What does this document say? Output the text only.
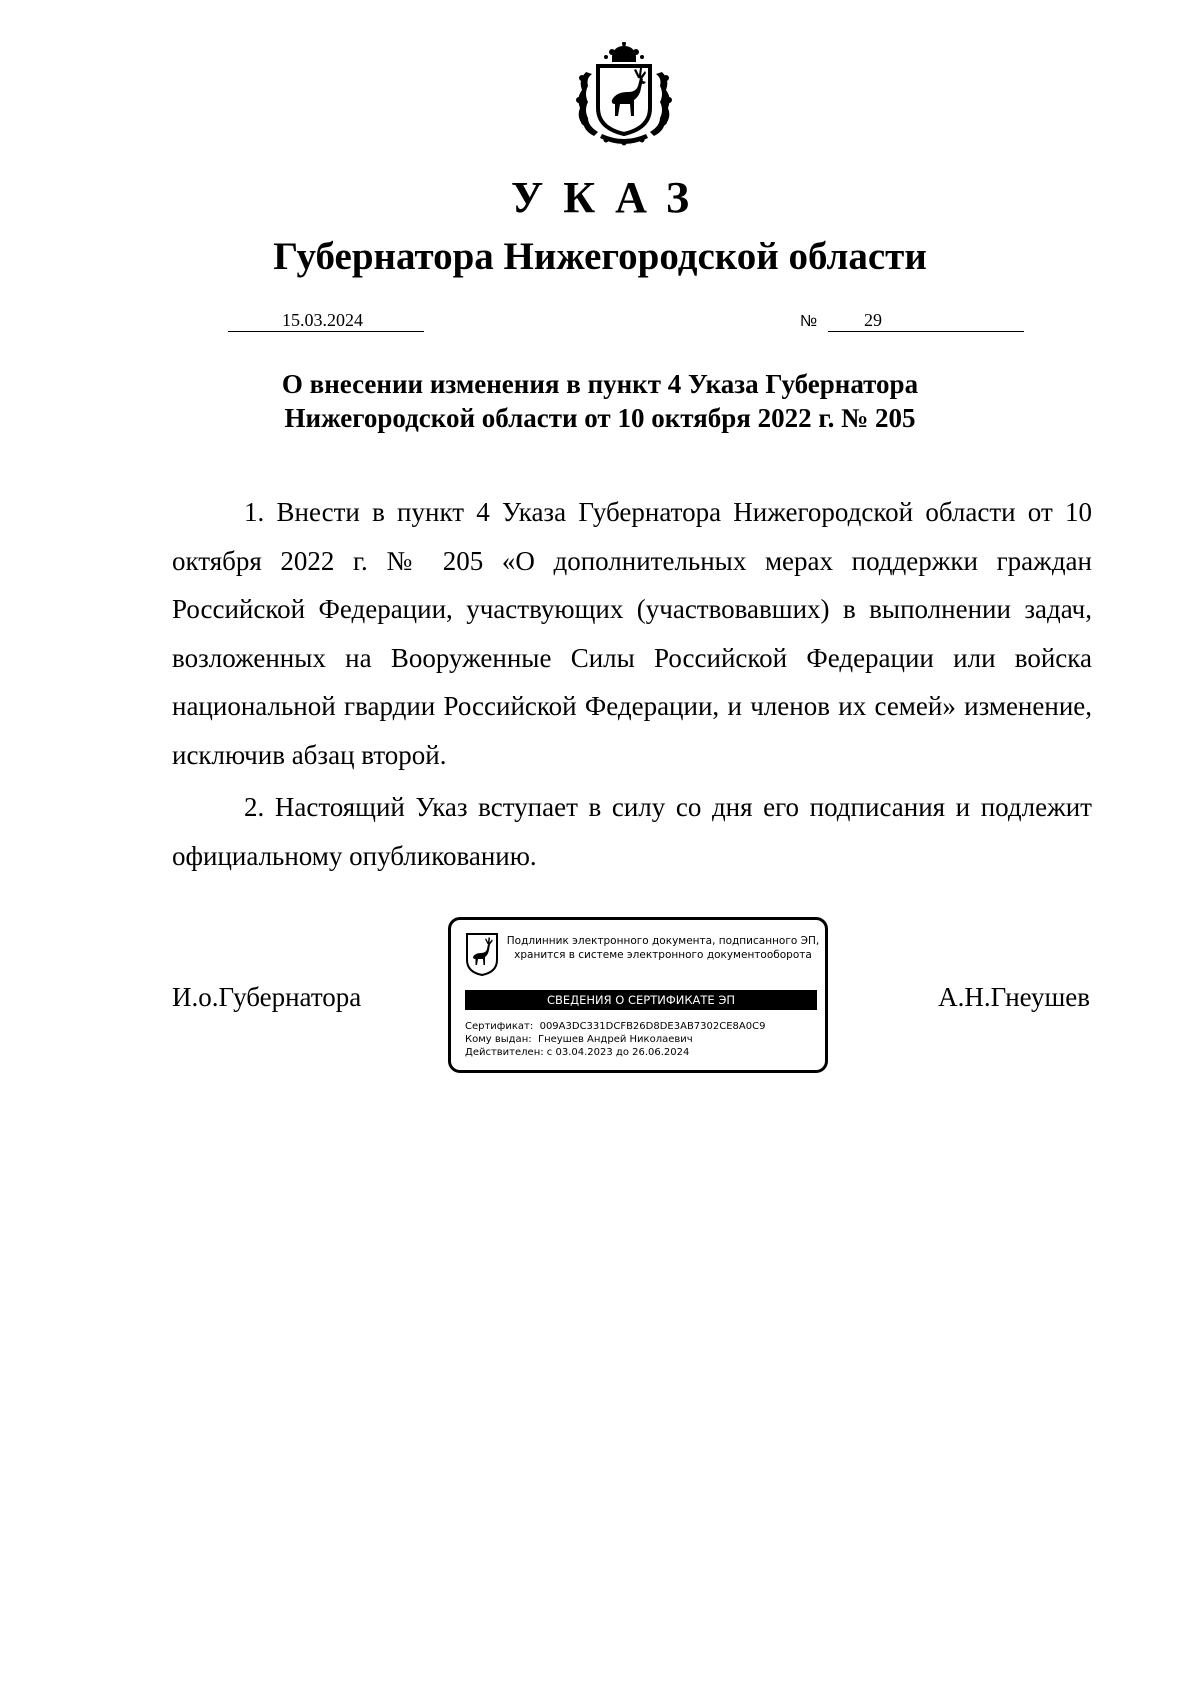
УКАЗ
Губернатора Нижегородской области
15.03.2024	№	29
О внесении изменения в пункт 4 Указа Губернатора
Нижегородской области от 10 октября 2022 г. № 205

1. Внести в пункт 4 Указа Губернатора Нижегородской области от 10 октября 2022 г. № 205 «О дополнительных мерах поддержки граждан Российской Федерации, участвующих (участвовавших) в выполнении задач, возложенных на Вооруженные Силы Российской Федерации или войска национальной гвардии Российской Федерации, и членов их семей» изменение, исключив абзац второй.

2. Настоящий Указ вступает в силу со дня его подписания и подлежит официальному опубликованию.

И.о.Губернатора	А.Н.Гнеушев
Подлинник электронного документа, подписанного ЭП,
хранится в системе электронного документооборота
СВЕДЕНИЯ О СЕРТИФИКАТЕ ЭП
Сертификат: 009A3DC331DCFB26D8DE3AB7302CE8A0C9
Кому выдан: Гнеушев Андрей Николаевич
Действителен: с 03.04.2023 до 26.06.2024
